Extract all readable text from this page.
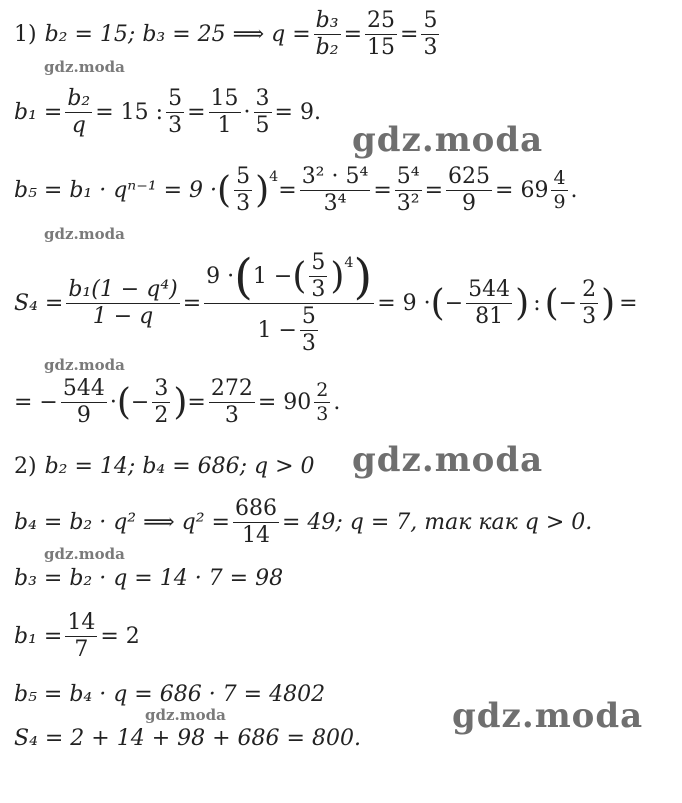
1) b₂ = 15; b₃ = 25 ⟹ $q = \frac{\text{b₃}}{\text{b₂}} = \frac{25}{15} = \frac{5}{3}$
$b_1 = \frac{\text{b₂}}{q} = 15$ : $\frac{5}{3} = \frac{15}{1} \cdot \frac{3}{5} = 9$.
b₅ = b₁ · qⁿ⁻¹ = 9 · ( $\frac{5}{3} )^4$
= $\frac{\text{3² · 5⁴}}{\text{3⁴}} = \frac{\text{5⁴}}{\text{3²}} = \frac{625}{9} = 69 \frac{4}{9}$ .
$S_4 = \frac{\text{b₁(1 − q⁴)}}{1 - q} = \frac{9 \cdot ( 1 - ( \frac{5}{3} )^4 )}{1 - \frac{5}{3}} = 9$ · ( − $\frac{544}{81}$ ) : ( − $\frac{2}{3}$ ) =
= − $\frac{544}{9}$ · ( − $\frac{3}{2}$ ) = $\frac{272}{3} = 90 \frac{2}{3}$ .
2) b₂ = 14; b₄ = 686; q > 0
b₄ = b₂ · q² ⟹ $q^2 = \frac{686}{14} = 49$; q = 7, так как q > 0.
b₃ = b₂ · q = 14 · 7 = 98
$b_1 = \frac{14}{7} = 2$
b₅ = b₄ · q = 686 · 7 = 4802
S₄ = 2 + 14 + 98 + 686 = 800.
gdz.moda
gdz.moda
gdz.moda
gdz.moda
gdz.moda
gdz.moda
gdz.moda	gdz.moda
